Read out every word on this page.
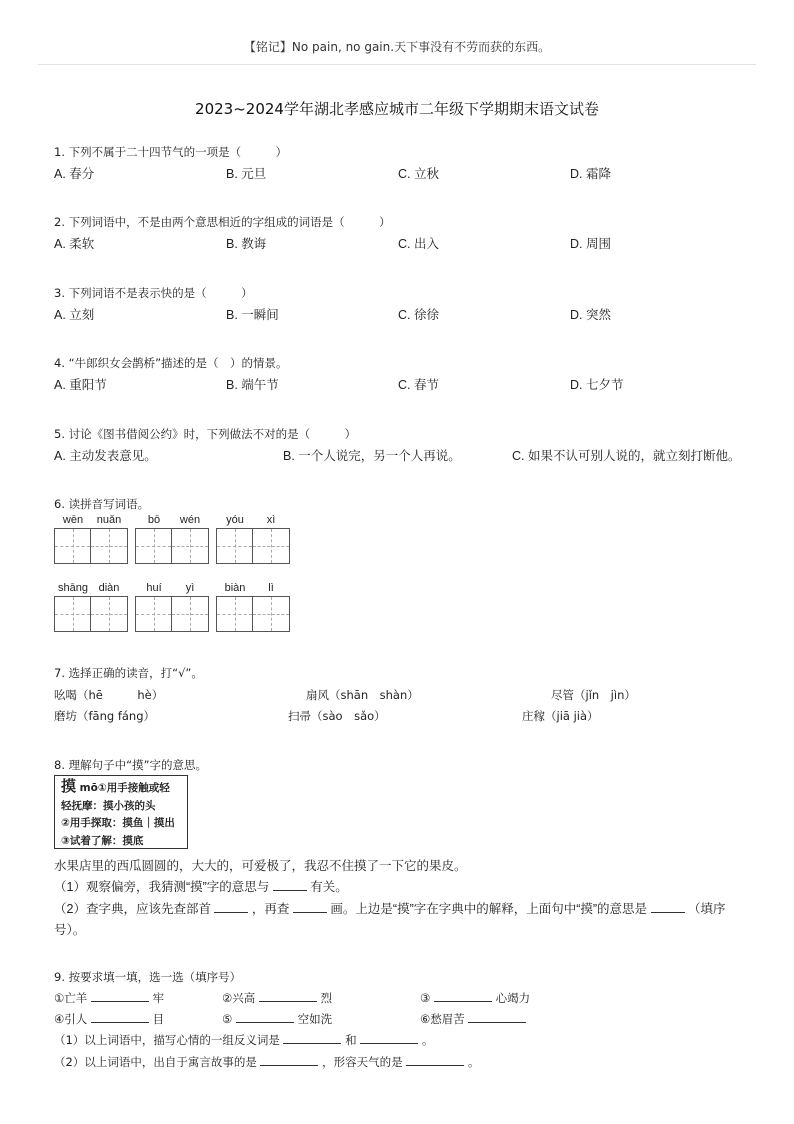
【铭记】No pain, no gain.天下事没有不劳而获的东西。
2023~2024学年湖北孝感应城市二年级下学期期末语文试卷
1. 下列不属于二十四节气的一项是（　　　）
A. 春分	B. 元旦	C. 立秋	D. 霜降
2. 下列词语中，不是由两个意思相近的字组成的词语是（　　　）
A. 柔软	B. 教诲	C. 出入	D. 周围
3. 下列词语不是表示快的是（　　　）
A. 立刻	B. 一瞬间	C. 徐徐	D. 突然
4. “牛郎织女会鹊桥”描述的是（　）的情景。
A. 重阳节	B. 端午节	C. 春节	D. 七夕节
5. 讨论《图书借阅公约》时，下列做法不对的是（　　　）
A. 主动发表意见。	B. 一个人说完，另一个人再说。	C. 如果不认可别人说的，就立刻打断他。
6. 读拼音写词语。
wēn	nuǎn	bō	wén	yóu	xì
shāng diàn	huí	yì	biàn	lì
7. 选择正确的读音，打“√”。
吆喝（hē　　　hè）	扇风（shān　shàn）	尽管（jǐn　jìn）
磨坊（fāng fáng）	扫帚（sào　sǎo）	庄稼（jiā jià）
8. 理解句子中“摸”字的意思。
摸 mō①用手接触或轻
轻抚摩：摸小孩的头
②用手探取：摸鱼｜摸出
③试着了解：摸底
水果店里的西瓜圆圆的，大大的，可爱极了，我忍不住摸了一下它的果皮。
（1）观察偏旁，我猜测“摸”字的意思与	有关。
（2）查字典，应该先查部首	，再查	画。上边是“摸”字在字典中的解释，上面句中“摸”的意思是	（填序
号）。
9. 按要求填一填，选一选（填序号）
①亡羊	牢	②兴高	烈	③	心竭力
④引人	目	⑤	空如洗	⑥愁眉苦
（1）以上词语中，描写心情的一组反义词是	和	。
（2）以上词语中，出自于寓言故事的是	，形容天气的是	。
